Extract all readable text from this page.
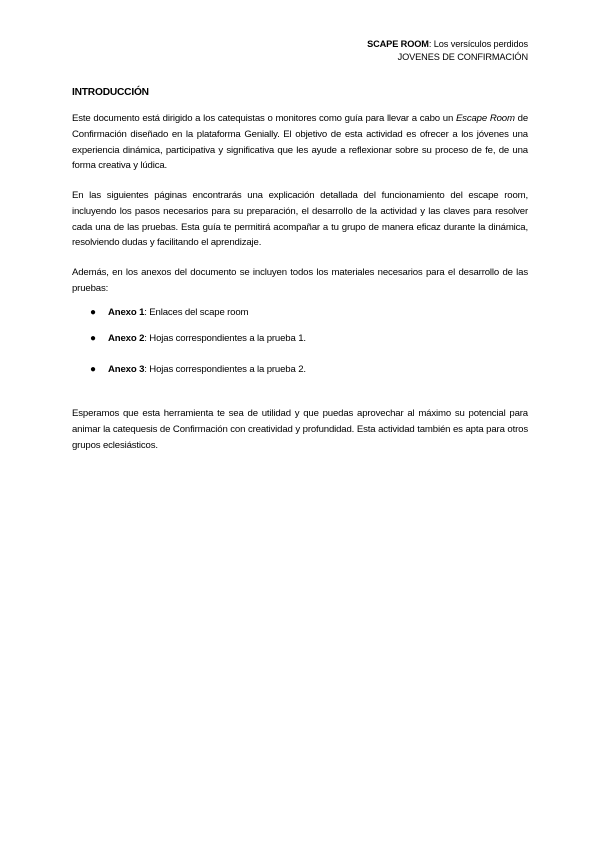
SCAPE ROOM: Los versículos perdidos
JOVENES DE CONFIRMACIÓN
INTRODUCCIÓN

Este documento está dirigido a los catequistas o monitores como guía para llevar a cabo un Escape Room de Confirmación diseñado en la plataforma Genially. El objetivo de esta actividad es ofrecer a los jóvenes una experiencia dinámica, participativa y significativa que les ayude a reflexionar sobre su proceso de fe, de una forma creativa y lúdica.

En las siguientes páginas encontrarás una explicación detallada del funcionamiento del escape room, incluyendo los pasos necesarios para su preparación, el desarrollo de la actividad y las claves para resolver cada una de las pruebas. Esta guía te permitirá acompañar a tu grupo de manera eficaz durante la dinámica, resolviendo dudas y facilitando el aprendizaje.

Además, en los anexos del documento se incluyen todos los materiales necesarios para el desarrollo de las pruebas:

●	Anexo 1: Enlaces del scape room
●	Anexo 2: Hojas correspondientes a la prueba 1.
●	Anexo 3: Hojas correspondientes a la prueba 2.

Esperamos que esta herramienta te sea de utilidad y que puedas aprovechar al máximo su potencial para animar la catequesis de Confirmación con creatividad y profundidad. Esta actividad también es apta para otros grupos eclesiásticos.
